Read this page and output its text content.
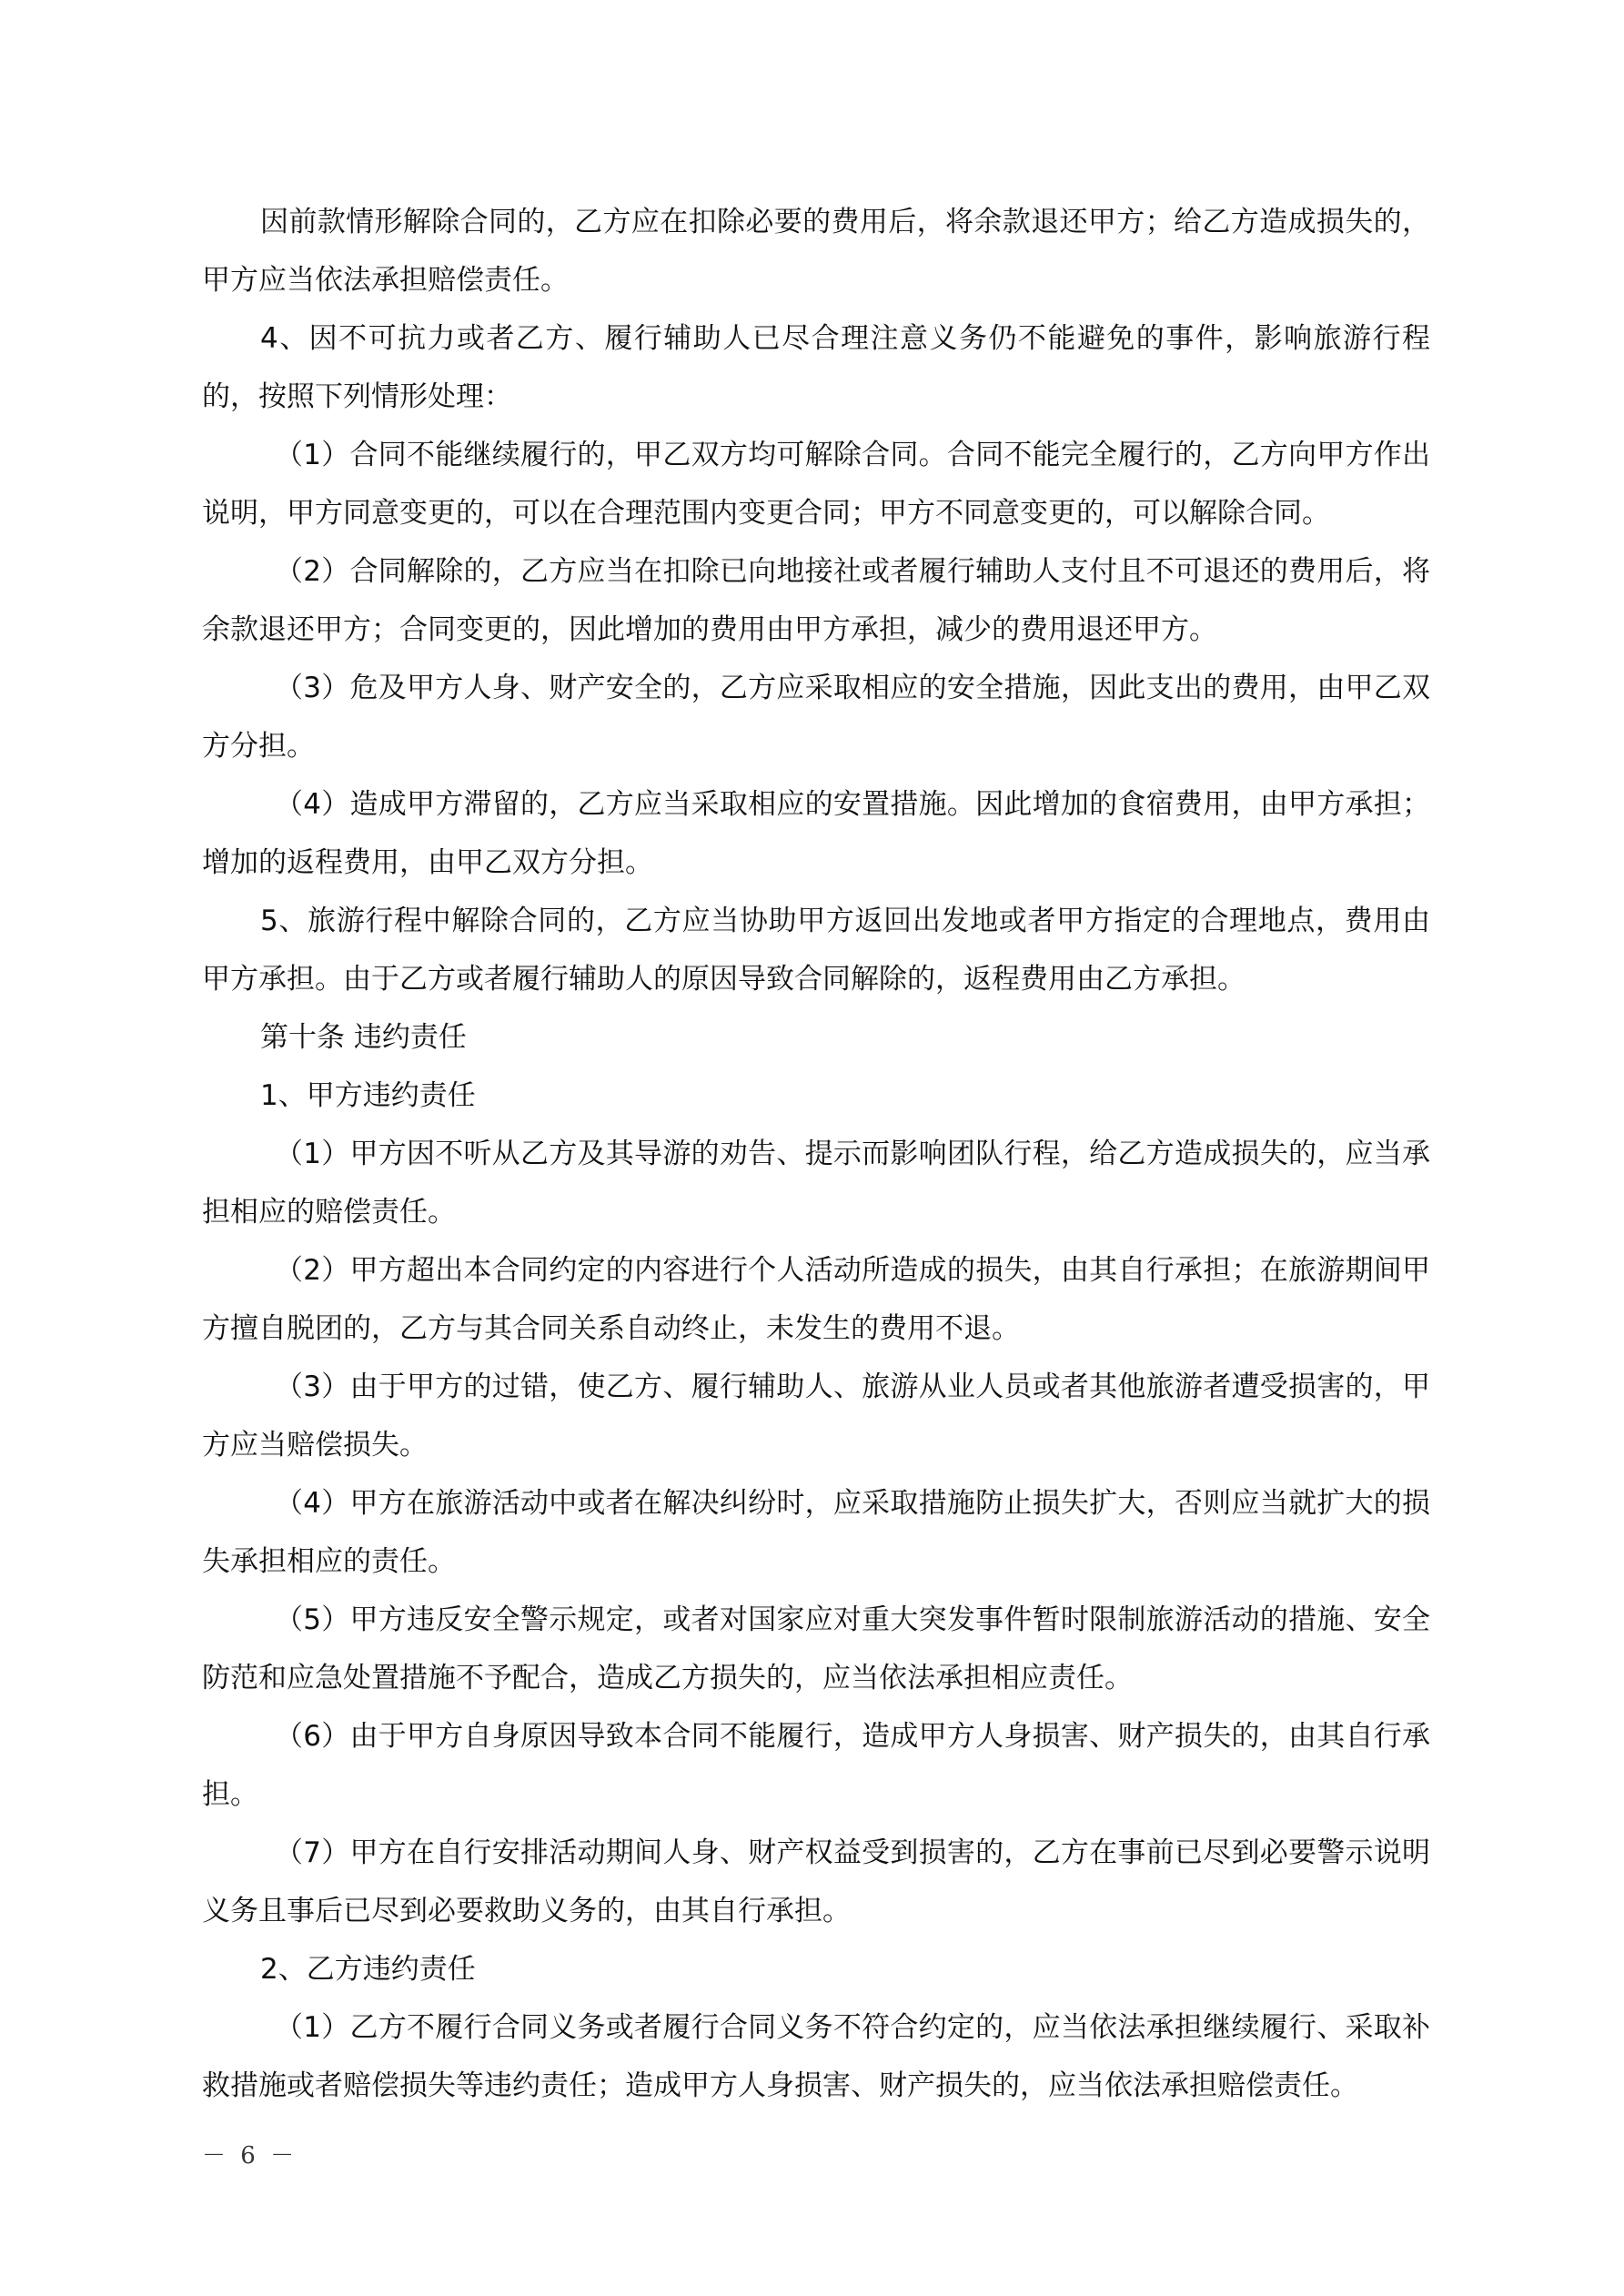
因前款情形解除合同的，乙方应在扣除必要的费用后，将余款退还甲方；给乙方造成损失的，甲方应当依法承担赔偿责任。

4、因不可抗力或者乙方、履行辅助人已尽合理注意义务仍不能避免的事件，影响旅游行程的，按照下列情形处理：

（1）合同不能继续履行的，甲乙双方均可解除合同。合同不能完全履行的，乙方向甲方作出说明，甲方同意变更的，可以在合理范围内变更合同；甲方不同意变更的，可以解除合同。

（2）合同解除的，乙方应当在扣除已向地接社或者履行辅助人支付且不可退还的费用后，将余款退还甲方；合同变更的，因此增加的费用由甲方承担，减少的费用退还甲方。

（3）危及甲方人身、财产安全的，乙方应采取相应的安全措施，因此支出的费用，由甲乙双方分担。

（4）造成甲方滞留的，乙方应当采取相应的安置措施。因此增加的食宿费用，由甲方承担；增加的返程费用，由甲乙双方分担。

5、旅游行程中解除合同的，乙方应当协助甲方返回出发地或者甲方指定的合理地点，费用由甲方承担。由于乙方或者履行辅助人的原因导致合同解除的，返程费用由乙方承担。

第十条 违约责任

1、甲方违约责任

（1）甲方因不听从乙方及其导游的劝告、提示而影响团队行程，给乙方造成损失的，应当承担相应的赔偿责任。

（2）甲方超出本合同约定的内容进行个人活动所造成的损失，由其自行承担；在旅游期间甲方擅自脱团的，乙方与其合同关系自动终止，未发生的费用不退。

（3）由于甲方的过错，使乙方、履行辅助人、旅游从业人员或者其他旅游者遭受损害的，甲方应当赔偿损失。

（4）甲方在旅游活动中或者在解决纠纷时，应采取措施防止损失扩大，否则应当就扩大的损失承担相应的责任。

（5）甲方违反安全警示规定，或者对国家应对重大突发事件暂时限制旅游活动的措施、安全防范和应急处置措施不予配合，造成乙方损失的，应当依法承担相应责任。

（6）由于甲方自身原因导致本合同不能履行，造成甲方人身损害、财产损失的，由其自行承担。

（7）甲方在自行安排活动期间人身、财产权益受到损害的，乙方在事前已尽到必要警示说明义务且事后已尽到必要救助义务的，由其自行承担。

2、乙方违约责任

（1）乙方不履行合同义务或者履行合同义务不符合约定的，应当依法承担继续履行、采取补救措施或者赔偿损失等违约责任；造成甲方人身损害、财产损失的，应当依法承担赔偿责任。

－ 6 －
